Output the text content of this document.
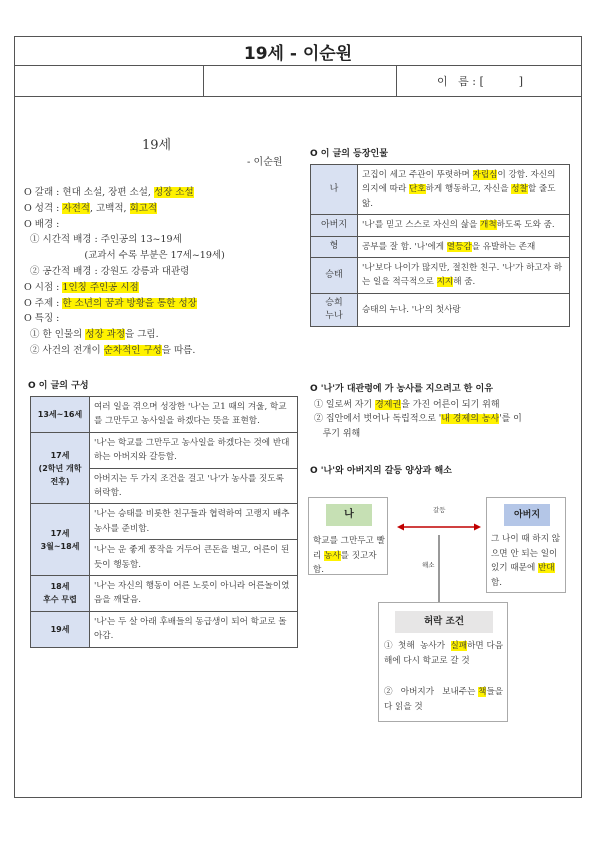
19세 - 이순원
이   름 : [          ]
19세
- 이순원
O 갈래 : 현대 소설, 장편 소설, 성장 소설
O 성격 : 자전적, 고백적, 회고적
O 배경 :
① 시간적 배경 : 주인공의 13~19세
(교과서 수록 부분은 17세~19세)
② 공간적 배경 : 강원도 강릉과 대관령
O 시점 : 1인칭 주인공 시점
O 주제 : 한 소년의 꿈과 방황을 통한 성장
O 특징 :
① 한 인물의 성장 과정을 그림.
② 사건의 전개이 순차적인 구성을 따름.
O 이 글의 구성
13세~16세	여러 일을 겪으며 성장한 '나'는 고1 때의 겨울, 학교를 그만두고 농사일을 하겠다는 뜻을 표현함.
17세
(2학년 개학
전후)	'나'는 학교를 그만두고 농사일을 하겠다는 것에 반대하는 아버지와 갈등함.
	아버지는 두 가지 조건을 걸고 '나'가 농사를 짓도록 허락함.
17세
3월~18세	'나'는 승태를 비롯한 친구들과 협력하여 고랭지 배추 농사를 준비함.
	'나'는 운 좋게 풍작을 거두어 큰돈을 벌고, 어른이 된 듯이 행동함.
18세
후수 무렵	'나'는 자신의 행동이 어른 노릇이 아니라 어른놀이였음을 깨달음.
19세	'나'는 두 살 아래 후배들의 동급생이 되어 학교로 돌아감.
O 이 글의 등장인물
나	고집이 세고 주관이 뚜렷하며 자립심이 강함. 자신의 의지에 따라 단호하게 행동하고, 자신을 성찰할 줄도 앎.
아버지	'나'를 믿고 스스로 자신의 삶을 개척하도록 도와 줌.
형	공부를 잘 함. '나'에게 열등감을 유발하는 존재
승태	'나'보다 나이가 많지만, 절친한 친구. '나'가 하고자 하는 일을 적극적으로 지지해 줌.
승희
누나	승태의 누나. '나'의 첫사랑
O '나'가 대관령에 가 농사를 지으려고 한 이유
① 일로써 자기 경제권을 가진 어른이 되기 위해
② 집안에서 벗어나 독립적으로 '내 경제의 농사'를 이
루기 위해
O '나'와 아버지의 갈등 양상과 해소
나
학교를 그만두고 빨리 농사를 짓고자 함.
아버지
그 나이 때 하지 않으면 안 되는 일이 있기 때문에 반대함.
갈등
해소
허락 조건
①  첫해  농사가  실패하면 다음해에 다시 학교로 갈 것
②   아버지가   보내주는 책들을 다 읽을 것
